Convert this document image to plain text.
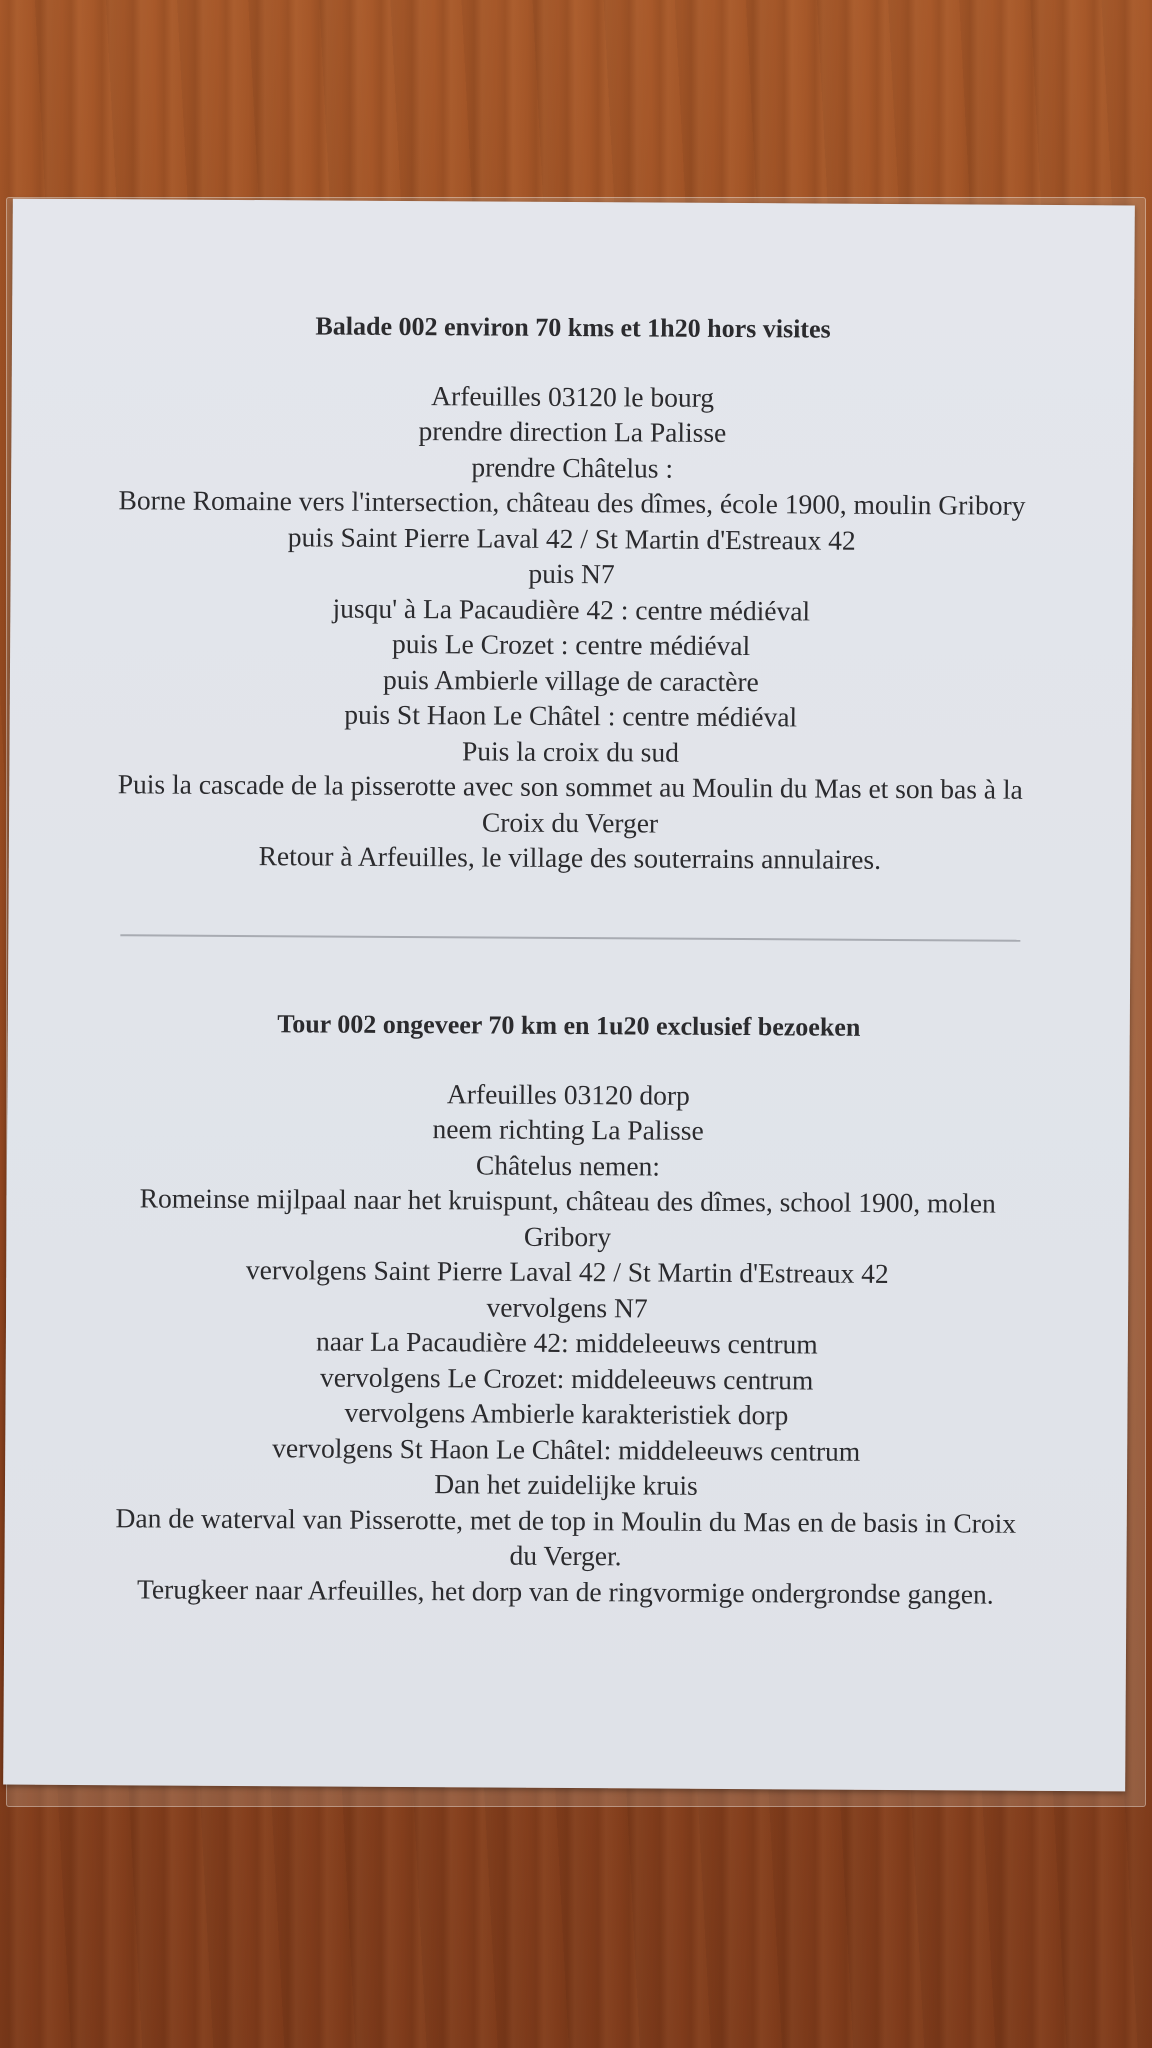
Balade 002 environ 70 kms et 1h20 hors visites

Arfeuilles 03120 le bourg

prendre direction La Palisse

prendre Châtelus :

Borne Romaine vers l'intersection, château des dîmes, école 1900, moulin Gribory

puis Saint Pierre Laval 42 / St Martin d'Estreaux 42

puis N7

jusqu' à La Pacaudière 42 : centre médiéval

puis Le Crozet : centre médiéval

puis Ambierle village de caractère

puis St Haon Le Châtel : centre médiéval

Puis la croix du sud

Puis la cascade de la pisserotte avec son sommet au Moulin du Mas et son bas à la Croix du Verger

Retour à Arfeuilles, le village des souterrains annulaires.

Tour 002 ongeveer 70 km en 1u20 exclusief bezoeken

Arfeuilles 03120 dorp

neem richting La Palisse

Châtelus nemen:

Romeinse mijlpaal naar het kruispunt, château des dîmes, school 1900, molen Gribory

vervolgens Saint Pierre Laval 42 / St Martin d'Estreaux 42

vervolgens N7

naar La Pacaudière 42: middeleeuws centrum

vervolgens Le Crozet: middeleeuws centrum

vervolgens Ambierle karakteristiek dorp

vervolgens St Haon Le Châtel: middeleeuws centrum

Dan het zuidelijke kruis

Dan de waterval van Pisserotte, met de top in Moulin du Mas en de basis in Croix du Verger.

Terugkeer naar Arfeuilles, het dorp van de ringvormige ondergrondse gangen.
